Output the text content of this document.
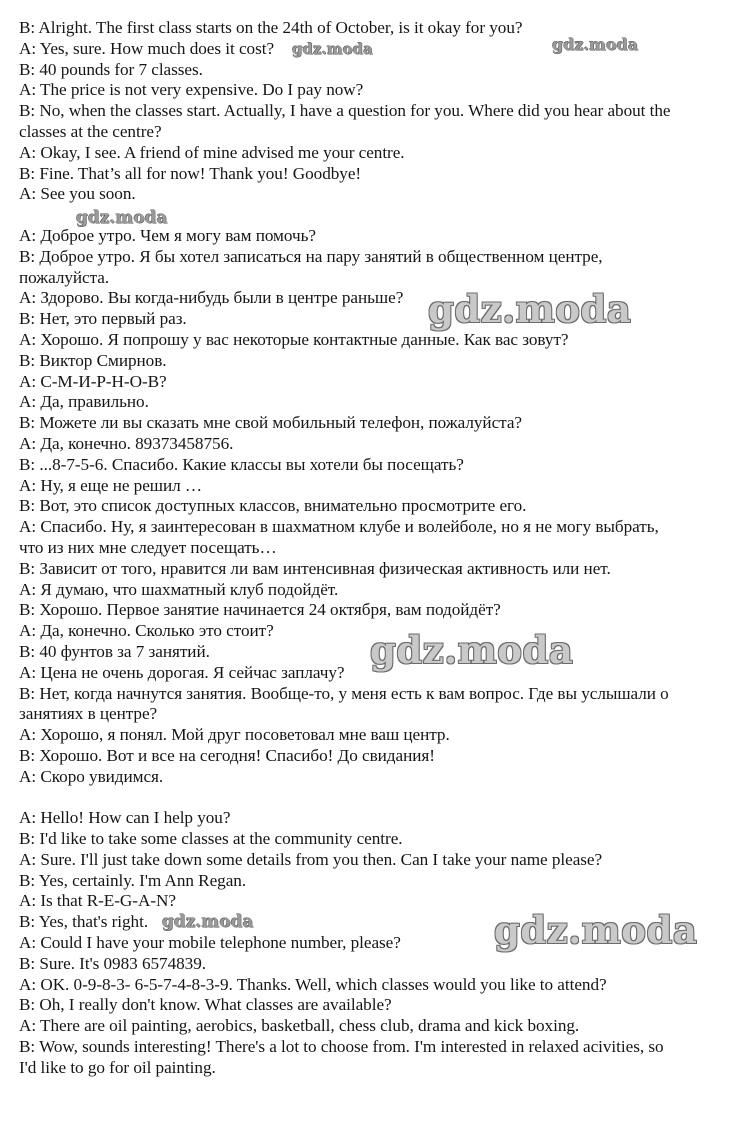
B: Alright. The first class starts on the 24th of October, is it okay for you?
A: Yes, sure. How much does it cost?
B: 40 pounds for 7 classes.
A: The price is not very expensive. Do I pay now?
B: No, when the classes start. Actually, I have a question for you. Where did you hear about the
classes at the centre?
A: Okay, I see. A friend of mine advised me your centre.
B: Fine. That’s all for now! Thank you! Goodbye!
A: See you soon.
A: Доброе утро. Чем я могу вам помочь?
B: Доброе утро. Я бы хотел записаться на пару занятий в общественном центре,
пожалуйста.
А: Здорово. Вы когда-нибудь были в центре раньше?
В: Нет, это первый раз.
А: Хорошо. Я попрошу у вас некоторые контактные данные. Как вас зовут?
В: Виктор Смирнов.
А: С-М-И-Р-Н-О-В?
А: Да, правильно.
В: Можете ли вы сказать мне свой мобильный телефон, пожалуйста?
А: Да, конечно. 89373458756.
В: ...8-7-5-6. Спасибо. Какие классы вы хотели бы посещать?
А: Ну, я еще не решил …
В: Вот, это список доступных классов, внимательно просмотрите его.
А: Спасибо. Ну, я заинтересован в шахматном клубе и волейболе, но я не могу выбрать,
что из них мне следует посещать…
В: Зависит от того, нравится ли вам интенсивная физическая активность или нет.
А: Я думаю, что шахматный клуб подойдёт.
В: Хорошо. Первое занятие начинается 24 октября, вам подойдёт?
А: Да, конечно. Сколько это стоит?
В: 40 фунтов за 7 занятий.
А: Цена не очень дорогая. Я сейчас заплачу?
В: Нет, когда начнутся занятия. Вообще-то, у меня есть к вам вопрос. Где вы услышали о
занятиях в центре?
А: Хорошо, я понял. Мой друг посоветовал мне ваш центр.
В: Хорошо. Вот и все на сегодня! Спасибо! До свидания!
А: Скоро увидимся.
A: Hello! How can I help you?
B: I'd like to take some classes at the community centre.
A: Sure. I'll just take down some details from you then. Can I take your name please?
B: Yes, certainly. I'm Ann Regan.
A: Is that R-E-G-A-N?
B: Yes, that's right.
A: Could I have your mobile telephone number, please?
B: Sure. It's 0983 6574839.
A: OK. 0-9-8-3- 6-5-7-4-8-3-9. Thanks. Well, which classes would you like to attend?
B: Oh, I really don't know. What classes are available?
A: There are oil painting, aerobics, basketball, chess club, drama and kick boxing.
B: Wow, sounds interesting! There's a lot to choose from. I'm interested in relaxed acivities, so
I'd like to go for oil painting.
gdz.moda	gdz.moda
gdz.moda
gdz.moda
gdz.moda
gdz.moda	gdz.moda
